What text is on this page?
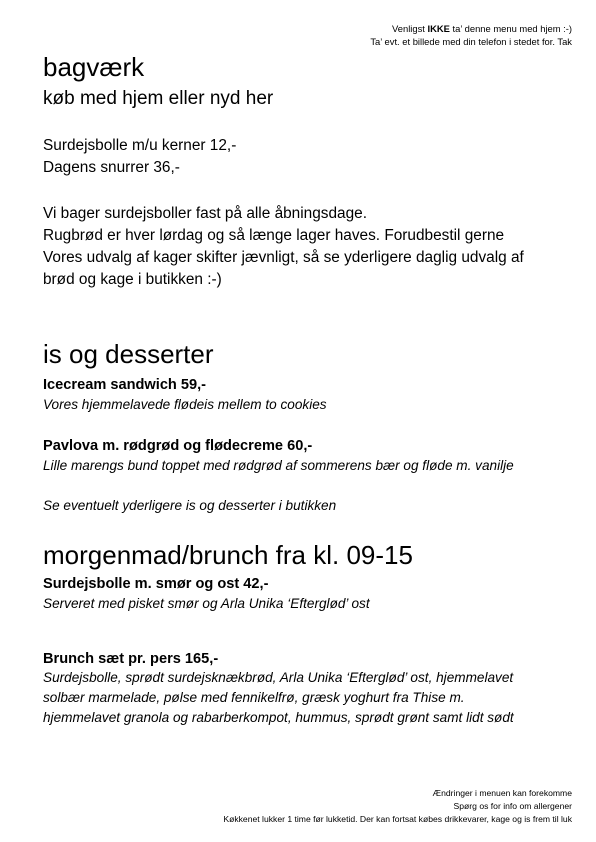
Venligst IKKE ta’ denne menu med hjem :-)
Ta’ evt. et billede med din telefon i stedet for. Tak
bagværk
køb med hjem eller nyd her
Surdejsbolle m/u kerner 12,-
Dagens snurrer 36,-
Vi bager surdejsboller fast på alle åbningsdage.
Rugbrød er hver lørdag og så længe lager haves. Forudbestil gerne
Vores udvalg af kager skifter jævnligt, så se yderligere daglig udvalg af
brød og kage i butikken :-)
is og desserter
Icecream sandwich 59,-
Vores hjemmelavede flødeis mellem to cookies
Pavlova m. rødgrød og flødecreme 60,-
Lille marengs bund toppet med rødgrød af sommerens bær og fløde m. vanilje
Se eventuelt yderligere is og desserter i butikken
morgenmad/brunch fra kl. 09-15
Surdejsbolle m. smør og ost 42,-
Serveret med pisket smør og Arla Unika ‘Efterglød’ ost
Brunch sæt pr. pers 165,-
Surdejsbolle, sprødt surdejsknækbrød, Arla Unika ‘Efterglød’ ost, hjemmelavet
solbær marmelade, pølse med fennikelfrø, græsk yoghurt fra Thise m.
hjemmelavet granola og rabarberkompot, hummus, sprødt grønt samt lidt sødt
Ændringer i menuen kan forekomme
Spørg os for info om allergener
Køkkenet lukker 1 time før lukketid. Der kan fortsat købes drikkevarer, kage og is frem til luk
